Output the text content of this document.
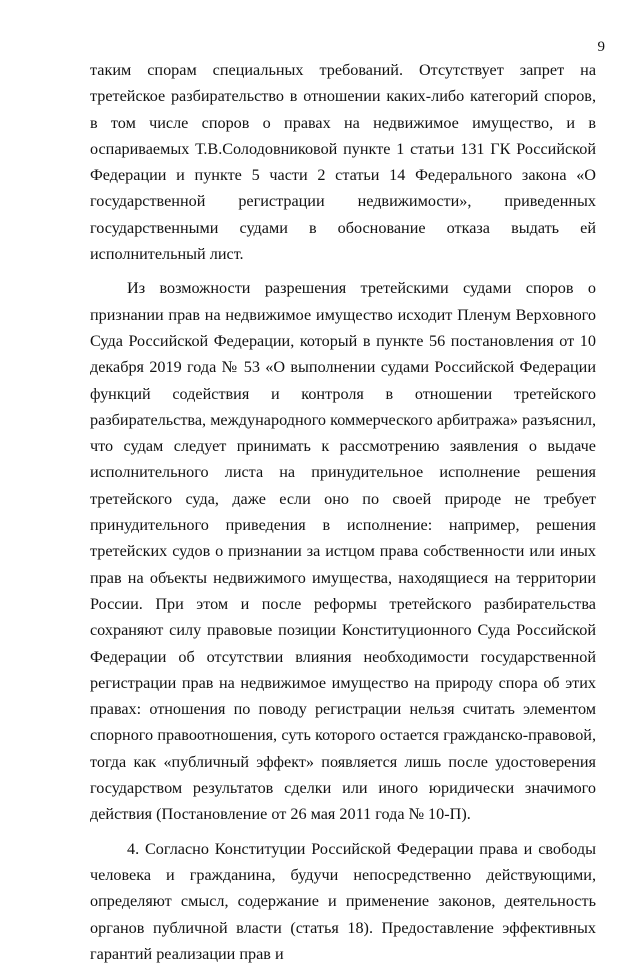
9

таким спорам специальных требований. Отсутствует запрет на третейское разбирательство в отношении каких-либо категорий споров, в том числе споров о правах на недвижимое имущество, и в оспариваемых Т.В.Солодовниковой пункте 1 статьи 131 ГК Российской Федерации и пункте 5 части 2 статьи 14 Федерального закона «О государственной регистрации недвижимости», приведенных государственными судами в обоснование отказа выдать ей исполнительный лист.

Из возможности разрешения третейскими судами споров о признании прав на недвижимое имущество исходит Пленум Верховного Суда Российской Федерации, который в пункте 56 постановления от 10 декабря 2019 года № 53 «О выполнении судами Российской Федерации функций содействия и контроля в отношении третейского разбирательства, международного коммерческого арбитража» разъяснил, что судам следует принимать к рассмотрению заявления о выдаче исполнительного листа на принудительное исполнение решения третейского суда, даже если оно по своей природе не требует принудительного приведения в исполнение: например, решения третейских судов о признании за истцом права собственности или иных прав на объекты недвижимого имущества, находящиеся на территории России. При этом и после реформы третейского разбирательства сохраняют силу правовые позиции Конституционного Суда Российской Федерации об отсутствии влияния необходимости государственной регистрации прав на недвижимое имущество на природу спора об этих правах: отношения по поводу регистрации нельзя считать элементом спорного правоотношения, суть которого остается гражданско-правовой, тогда как «публичный эффект» появляется лишь после удостоверения государством результатов сделки или иного юридически значимого действия (Постановление от 26 мая 2011 года № 10-П).

4. Согласно Конституции Российской Федерации права и свободы человека и гражданина, будучи непосредственно действующими, определяют смысл, содержание и применение законов, деятельность органов публичной власти (статья 18). Предоставление эффективных гарантий реализации прав и
